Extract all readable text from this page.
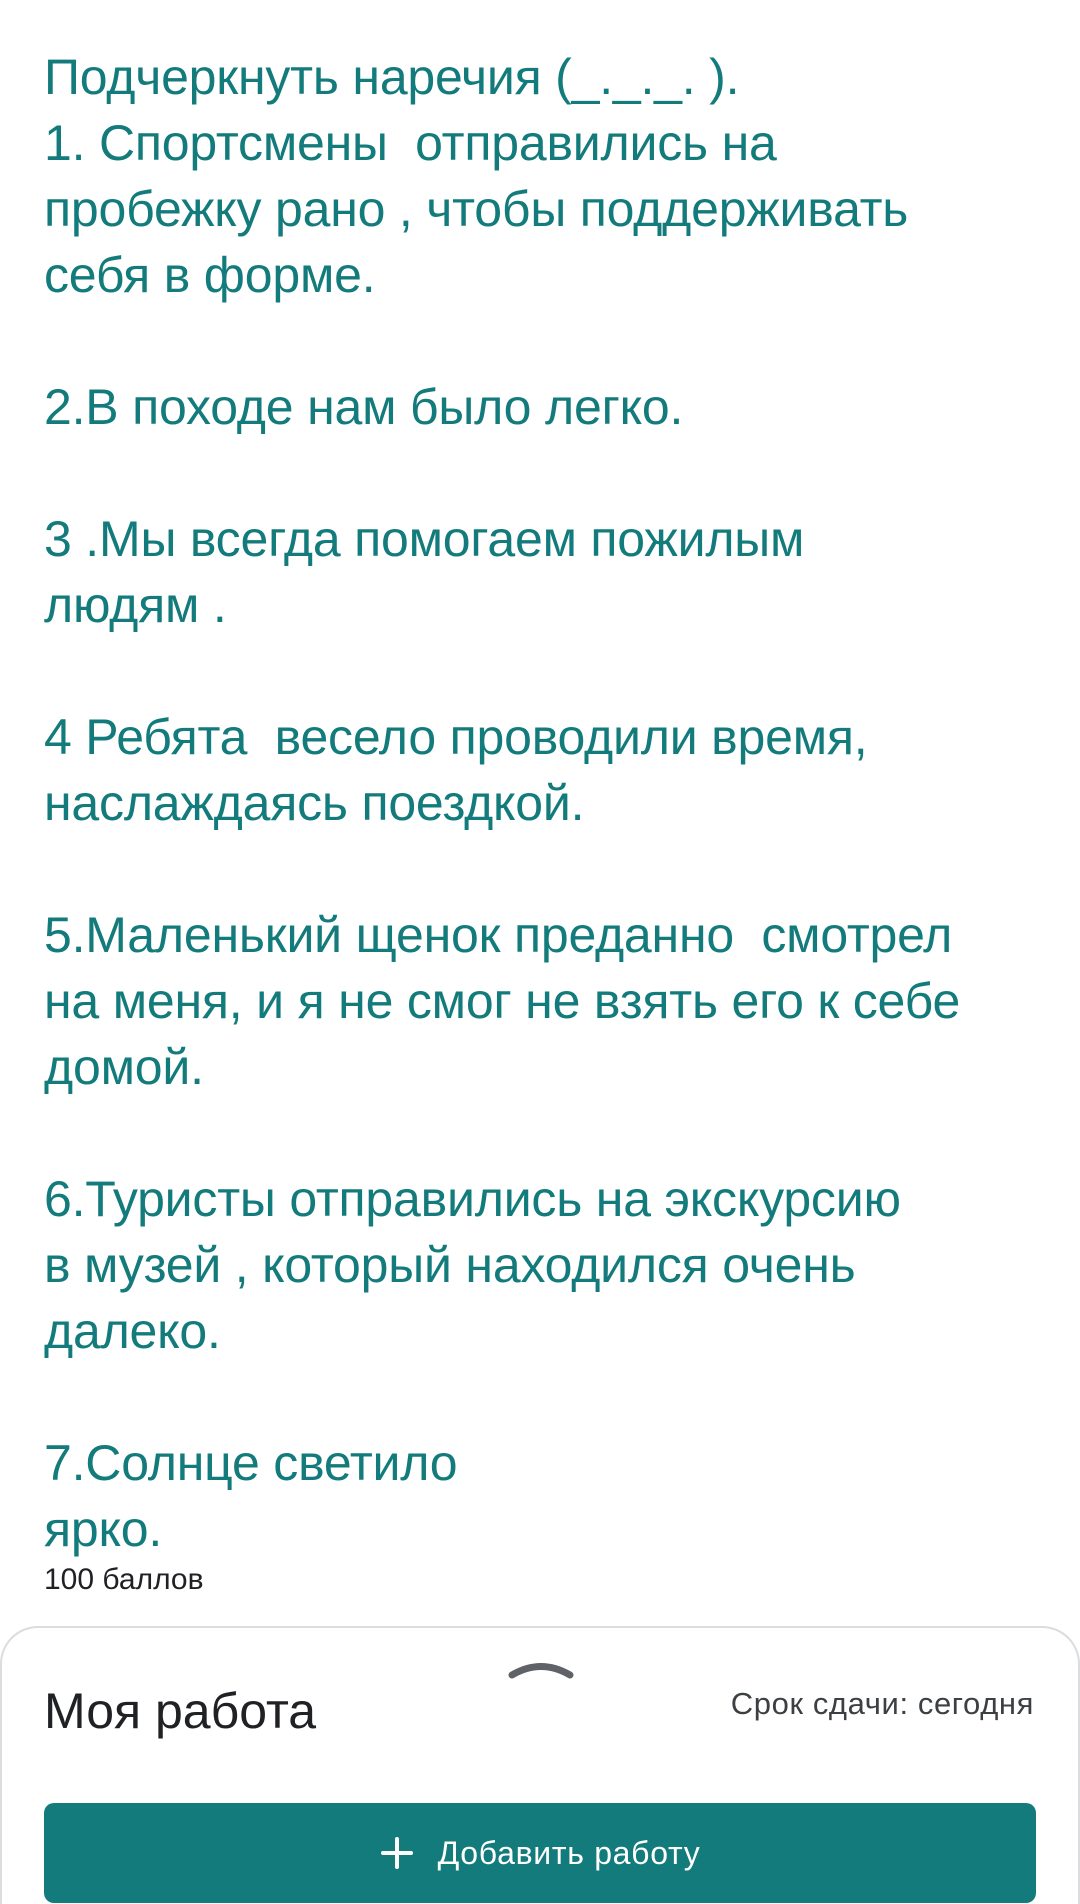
Подчеркнуть наречия (_._._. ).
1. Спортсмены  отправились на
пробежку рано , чтобы поддерживать
себя в форме.
2.В походе нам было легко.
3 .Мы всегда помогаем пожилым
людям .
4 Ребята  весело проводили время,
наслаждаясь поездкой.
5.Маленький щенок преданно  смотрел
на меня, и я не смог не взять его к себе
домой.
6.Туристы отправились на экскурсию
в музей , который находился очень
далеко.
7.Солнце светило
ярко.
100 баллов
Моя работа	Срок сдачи: сегодня
Добавить работу
